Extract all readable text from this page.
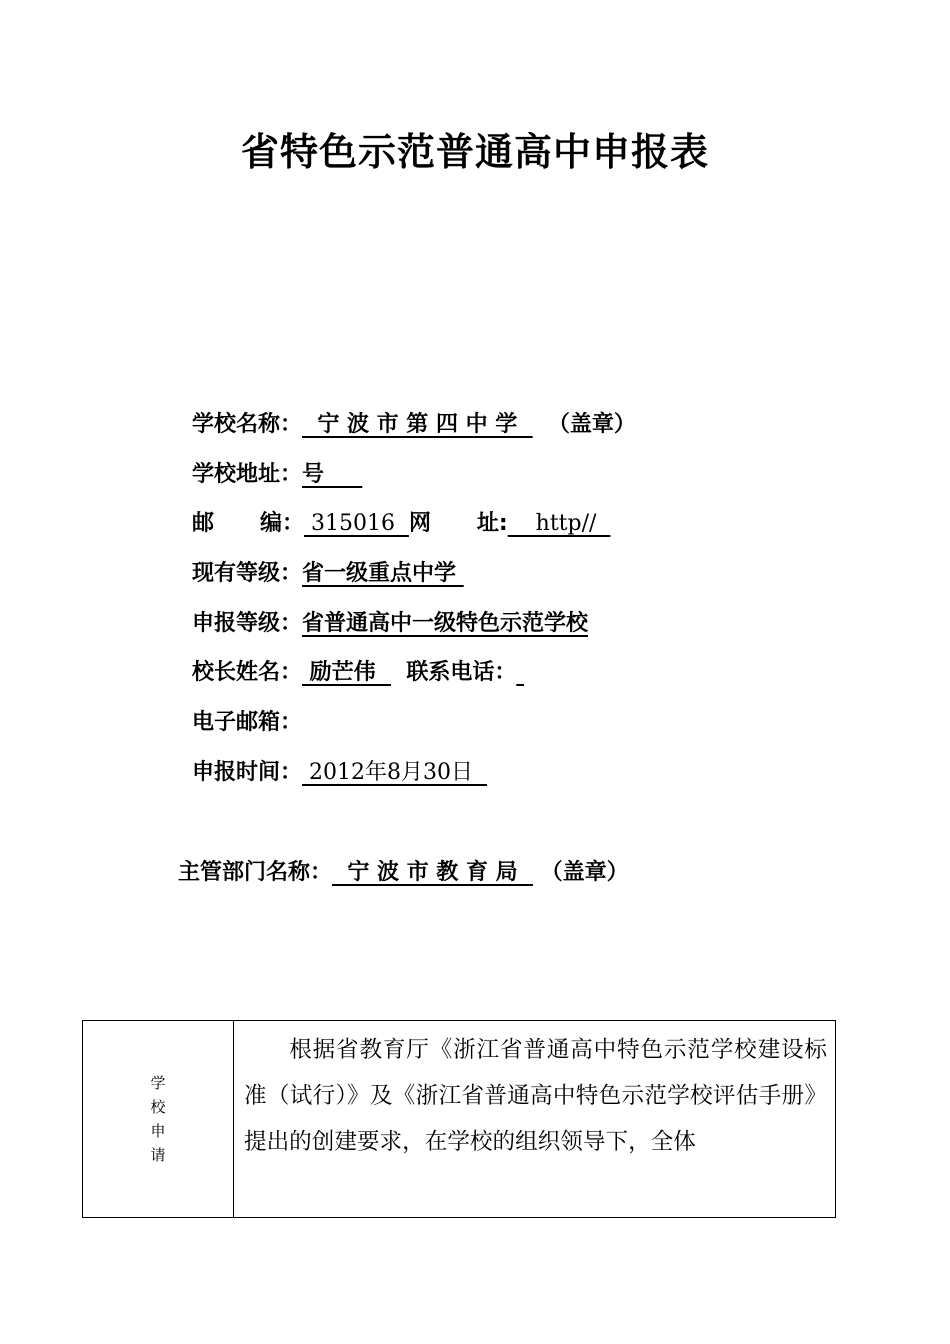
省特色示范普通高中申报表
学校名称：  宁 波 市 第 四 中 学    （盖章）
学校地址：号
邮      编： 315016  网      址:    http//
现有等级：省一级重点中学
申报等级：省普通高中一级特色示范学校
校长姓名： 励芒伟    联系电话：
电子邮箱：
申报时间： 2012年8月30日
主管部门名称：  宁 波 市 教 育 局   （盖章）
学
校
申
请
根据省教育厅《浙江省普通高中特色示范学校建设标准（试行）》及《浙江省普通高中特色示范学校评估手册》提出的创建要求，在学校的组织领导下，全体
